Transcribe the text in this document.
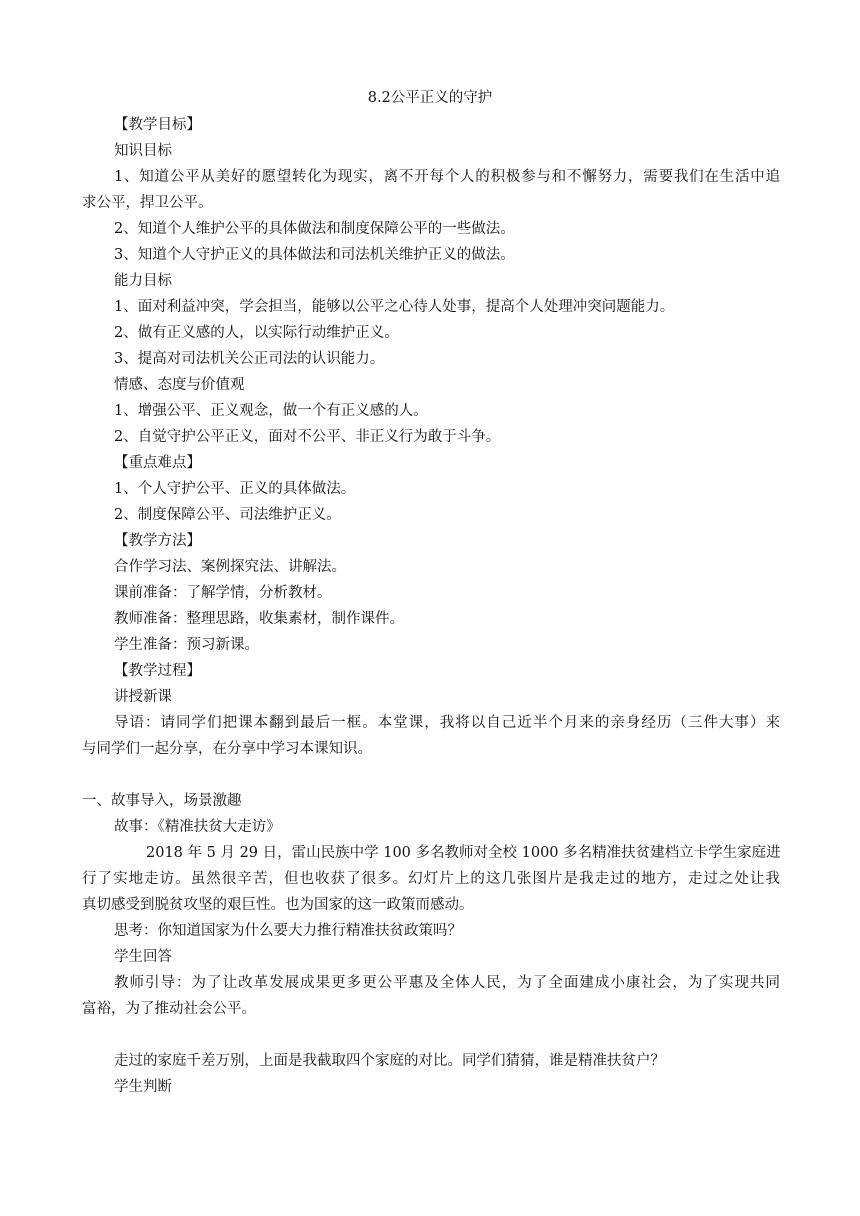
8.2公平正义的守护
【教学目标】
知识目标
1、知道公平从美好的愿望转化为现实，离不开每个人的积极参与和不懈努力，需要我们在生活中追
求公平，捍卫公平。
2、知道个人维护公平的具体做法和制度保障公平的一些做法。
3、知道个人守护正义的具体做法和司法机关维护正义的做法。
能力目标
1、面对利益冲突，学会担当，能够以公平之心待人处事，提高个人处理冲突问题能力。
2、做有正义感的人，以实际行动维护正义。
3、提高对司法机关公正司法的认识能力。
情感、态度与价值观
1、增强公平、正义观念，做一个有正义感的人。
2、自觉守护公平正义，面对不公平、非正义行为敢于斗争。
【重点难点】
1、个人守护公平、正义的具体做法。
2、制度保障公平、司法维护正义。
【教学方法】
合作学习法、案例探究法、讲解法。
课前准备：了解学情，分析教材。
教师准备：整理思路，收集素材，制作课件。
学生准备：预习新课。
【教学过程】
讲授新课
导语：请同学们把课本翻到最后一框。本堂课，我将以自己近半个月来的亲身经历（三件大事）来
与同学们一起分享，在分享中学习本课知识。
一、故事导入，场景激趣
故事：《精准扶贫大走访》
2018 年 5 月 29 日，雷山民族中学 100 多名教师对全校 1000 多名精准扶贫建档立卡学生家庭进
行了实地走访。虽然很辛苦，但也收获了很多。幻灯片上的这几张图片是我走过的地方，走过之处让我
真切感受到脱贫攻坚的艰巨性。也为国家的这一政策而感动。
思考：你知道国家为什么要大力推行精准扶贫政策吗？
学生回答
教师引导：为了让改革发展成果更多更公平惠及全体人民，为了全面建成小康社会，为了实现共同
富裕，为了推动社会公平。
走过的家庭千差万别，上面是我截取四个家庭的对比。同学们猜猜，谁是精准扶贫户？
学生判断
